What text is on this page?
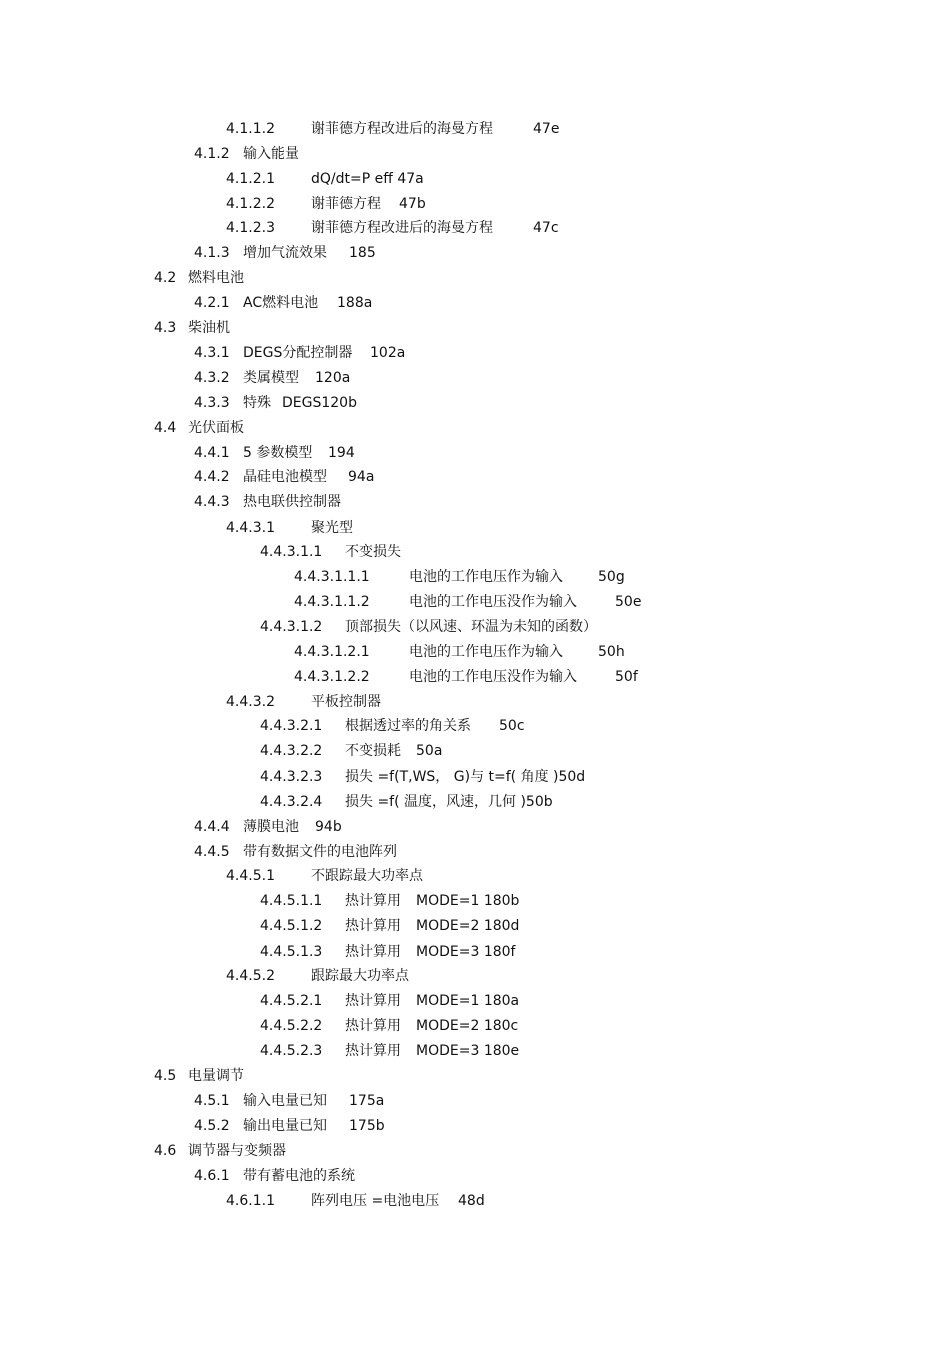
4.1.1.2	谢菲德方程改进后的海曼方程	47e
4.1.2 输入能量
4.1.2.1	dQ/dt=P eff 47a
4.1.2.2	谢菲德方程 47b
4.1.2.3	谢菲德方程改进后的海曼方程	47c
4.1.3 增加气流效果 185
4.2 燃料电池
4.2.1 AC燃料电池 188a
4.3 柴油机
4.3.1 DEGS分配控制器 102a
4.3.2 类属模型 120a
4.3.3 特殊 DEGS120b
4.4 光伏面板
4.4.1 5 参数模型 194
4.4.2 晶硅电池模型 94a
4.4.3 热电联供控制器
4.4.3.1	聚光型
4.4.3.1.1 不变损失
4.4.3.1.1.1	电池的工作电压作为输入	50g
4.4.3.1.1.2	电池的工作电压没作为输入	50e
4.4.3.1.2 顶部损失（以风速、环温为未知的函数）
4.4.3.1.2.1	电池的工作电压作为输入	50h
4.4.3.1.2.2	电池的工作电压没作为输入	50f
4.4.3.2	平板控制器
4.4.3.2.1 根据透过率的角关系 50c
4.4.3.2.2 不变损耗 50a
4.4.3.2.3 损失 =f(T,WS， G)与 t=f( 角度 )50d
4.4.3.2.4 损失 =f( 温度，风速，几何 )50b
4.4.4 薄膜电池 94b
4.4.5 带有数据文件的电池阵列
4.4.5.1	不跟踪最大功率点
4.4.5.1.1 热计算用 MODE=1 180b
4.4.5.1.2 热计算用 MODE=2 180d
4.4.5.1.3 热计算用 MODE=3 180f
4.4.5.2	跟踪最大功率点
4.4.5.2.1 热计算用 MODE=1 180a
4.4.5.2.2 热计算用 MODE=2 180c
4.4.5.2.3 热计算用 MODE=3 180e
4.5 电量调节
4.5.1 输入电量已知 175a
4.5.2 输出电量已知 175b
4.6 调节器与变频器
4.6.1 带有蓄电池的系统
4.6.1.1	阵列电压 =电池电压 48d
